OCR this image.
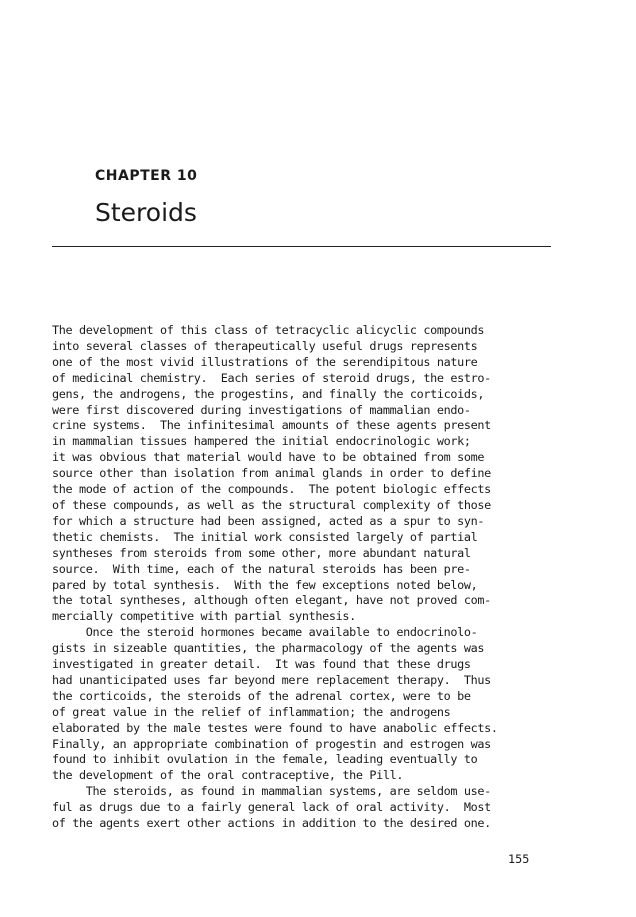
CHAPTER 10
Steroids
The development of this class of tetracyclic alicyclic compounds
into several classes of therapeutically useful drugs represents
one of the most vivid illustrations of the serendipitous nature
of medicinal chemistry.  Each series of steroid drugs, the estro-
gens, the androgens, the progestins, and finally the corticoids,
were first discovered during investigations of mammalian endo-
crine systems.  The infinitesimal amounts of these agents present
in mammalian tissues hampered the initial endocrinologic work;
it was obvious that material would have to be obtained from some
source other than isolation from animal glands in order to define
the mode of action of the compounds.  The potent biologic effects
of these compounds, as well as the structural complexity of those
for which a structure had been assigned, acted as a spur to syn-
thetic chemists.  The initial work consisted largely of partial
syntheses from steroids from some other, more abundant natural
source.  With time, each of the natural steroids has been pre-
pared by total synthesis.  With the few exceptions noted below,
the total syntheses, although often elegant, have not proved com-
mercially competitive with partial synthesis.
Once the steroid hormones became available to endocrinolo-
gists in sizeable quantities, the pharmacology of the agents was
investigated in greater detail.  It was found that these drugs
had unanticipated uses far beyond mere replacement therapy.  Thus
the corticoids, the steroids of the adrenal cortex, were to be
of great value in the relief of inflammation; the androgens
elaborated by the male testes were found to have anabolic effects.
Finally, an appropriate combination of progestin and estrogen was
found to inhibit ovulation in the female, leading eventually to
the development of the oral contraceptive, the Pill.
The steroids, as found in mammalian systems, are seldom use-
ful as drugs due to a fairly general lack of oral activity.  Most
of the agents exert other actions in addition to the desired one.
155
